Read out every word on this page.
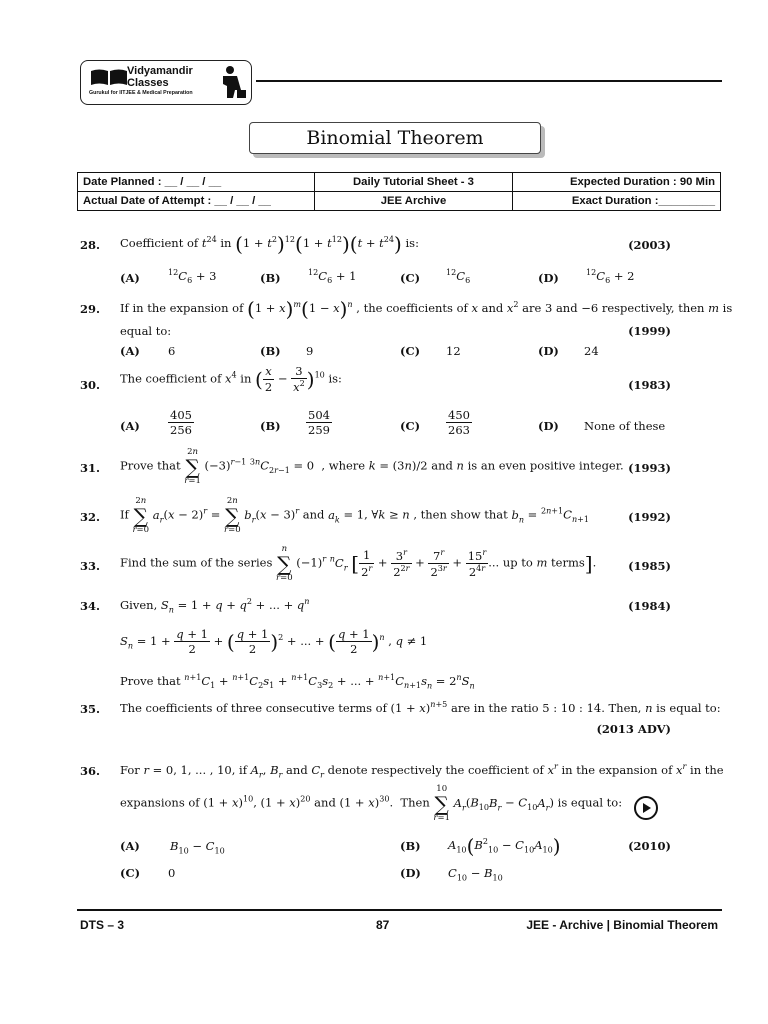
Vidyamandir
Classes
Gurukul for IITJEE & Medical Preparation
Binomial Theorem
Date Planned : __ / __ / __	Daily Tutorial Sheet - 3	Expected Duration : 90 Min
Actual Date of Attempt : __ / __ / __	JEE Archive	Exact Duration :_________
28. Coefficient of $t^{24}$ in $(1 + t^2)^{12}(1 + t^{12})(t + t^{24})$ is:	(2003)
(A)	$^{12}C_6 + 3$	(B)	$^{12}C_6 + 1$	(C)	$^{12}C_6$	(D)	$^{12}C_6 + 2$
29. If in the expansion of $(1 + x)^m(1 - x)^n$ , the coefficients of x and $x^2$ are 3 and −6 respectively, then m is
equal to:	(1999)
(A) 6	(B) 9	(C) 12	(D) 24
30. The coefficient of $x^4$ in ( $\frac{x}{2} - \frac{3}{x^2} )^{10}$ is:	(1983)
$(A) \frac{405}{256}$	$(B) \frac{504}{259}$	$(C) \frac{450}{263}$	(D) None of these
31. Prove that
2n
∑
r=1
$(-3)^{r-1}$ $^{3n}C_{2r-1} = 0$  , where k = (3n)/2 and n is an even positive integer. (1993)
32. If
2n
∑
r=0
$a_r(x - 2)^r$ =
2n
∑
r=0
$b_r(x - 3)^r$ and $a_k = 1$, ∀k ≥ n , then show that $b_n = ^{2n+1}C_{n+1}$	(1992)
33. Find the sum of the series
n
∑
r=0
$(-1)^r$ $^nC_r$ [ $\frac{1}{2^r} + \frac{3^r}{2^{2r}} + \frac{7^r}{2^{3r}} + \frac{15^r}{2^{4r}}$ ... up to m terms].	(1985)
34. Given, $S_n = 1 + q + q^2$ + ... + $q^n$	(1984)
$S_n = 1 + \frac{q + 1}{2}$ + ( $\frac{q + 1}{2} )^2$ + ... + ( $\frac{q + 1}{2} )^n$ , q ≠ 1
Prove that $^{n+1}C_1 + ^{n+1}C_2s_1 + ^{n+1}C_3s_2$ + ... + $^{n+1}C_{n+1}s_n = 2^nS_n$
35. The coefficients of three consecutive terms of $(1 + x)^{n+5}$ are in the ratio 5 : 10 : 14. Then, n is equal to:
(2013 ADV)
36. For r = 0, 1, ... , 10, if $A_r$, $B_r$ and $C_r$ denote respectively the coefficient of $x^r$ in the expansion of $x^r$ in the
expansions of $(1 + x)^{10}$, $(1 + x)^{20}$ and $(1 + x)^{30}$.  Then
10
∑
r=1
$A_r(B_{10}B_r - C_{10}A_r)$ is equal to:
(A)	$B_{10} - C_{10}$	(B) $A_{10}(B^2_{10} - C_{10}A_{10})$	(2010)
(C) 0	(D) $C_{10} - B_{10}$
DTS – 3	87	JEE - Archive | Binomial Theorem
